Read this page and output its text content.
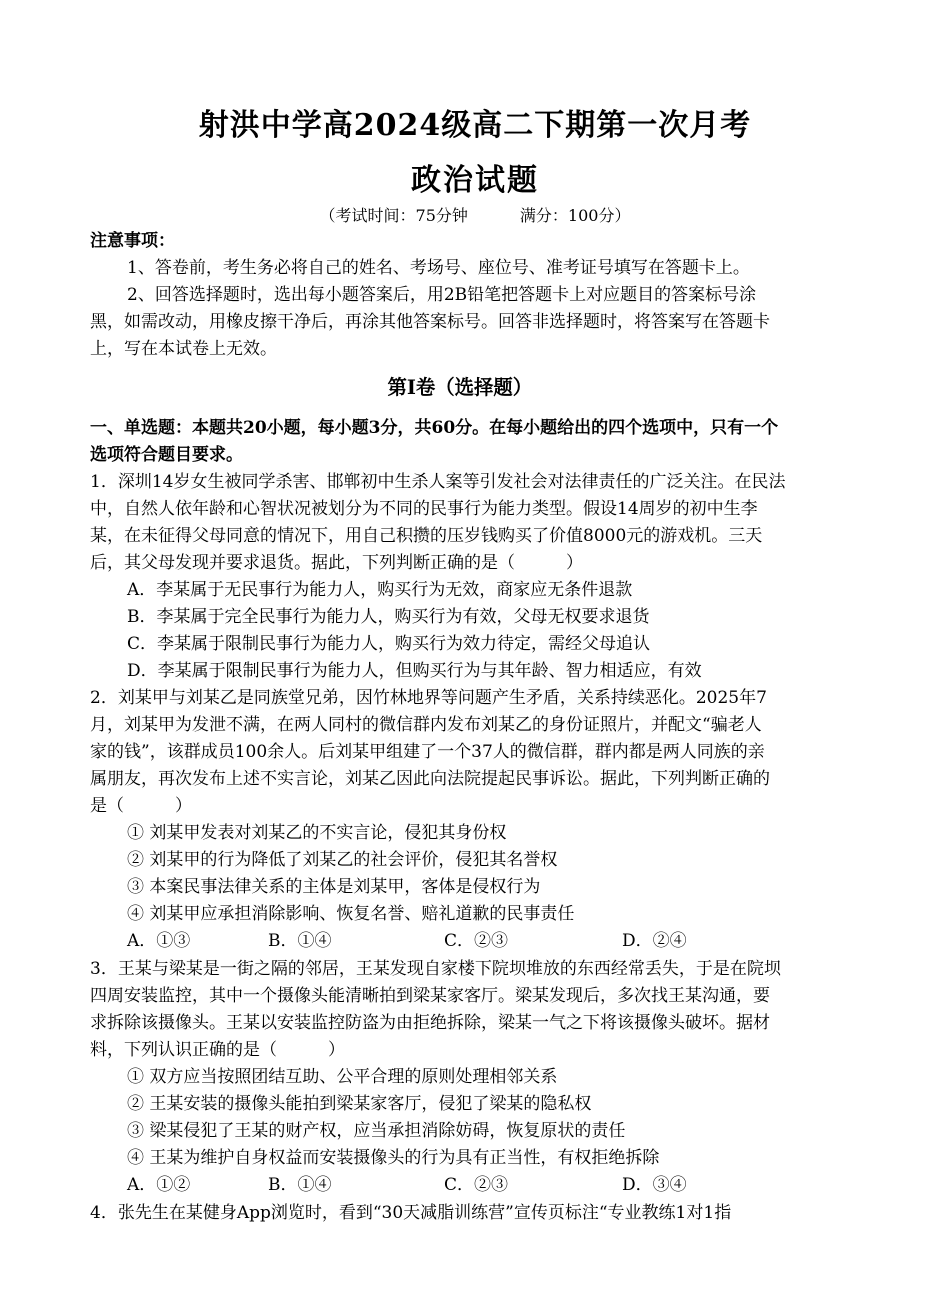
射洪中学高2024级高二下期第一次月考
政治试题
（考试时间：75分钟	满分：100分）
注意事项：
1、答卷前，考生务必将自己的姓名、考场号、座位号、准考证号填写在答题卡上。
2、回答选择题时，选出每小题答案后，用2B铅笔把答题卡上对应题目的答案标号涂
黑，如需改动，用橡皮擦干净后，再涂其他答案标号。回答非选择题时，将答案写在答题卡
上，写在本试卷上无效。
第I卷（选择题）
一、单选题：本题共20小题，每小题3分，共60分。在每小题给出的四个选项中，只有一个
选项符合题目要求。
1．深圳14岁女生被同学杀害、邯郸初中生杀人案等引发社会对法律责任的广泛关注。在民法
中，自然人依年龄和心智状况被划分为不同的民事行为能力类型。假设14周岁的初中生李
某，在未征得父母同意的情况下，用自己积攒的压岁钱购买了价值8000元的游戏机。三天
后，其父母发现并要求退货。据此，下列判断正确的是（　　　）
A．李某属于无民事行为能力人，购买行为无效，商家应无条件退款
B．李某属于完全民事行为能力人，购买行为有效，父母无权要求退货
C．李某属于限制民事行为能力人，购买行为效力待定，需经父母追认
D．李某属于限制民事行为能力人，但购买行为与其年龄、智力相适应，有效
2．刘某甲与刘某乙是同族堂兄弟，因竹林地界等问题产生矛盾，关系持续恶化。2025年7
月，刘某甲为发泄不满，在两人同村的微信群内发布刘某乙的身份证照片，并配文“骗老人
家的钱”，该群成员100余人。后刘某甲组建了一个37人的微信群，群内都是两人同族的亲
属朋友，再次发布上述不实言论，刘某乙因此向法院提起民事诉讼。据此，下列判断正确的
是（　　　）
① 刘某甲发表对刘某乙的不实言论，侵犯其身份权
② 刘某甲的行为降低了刘某乙的社会评价，侵犯其名誉权
③ 本案民事法律关系的主体是刘某甲，客体是侵权行为
④ 刘某甲应承担消除影响、恢复名誉、赔礼道歉的民事责任
A．①③	B．①④	C．②③	D．②④
3．王某与梁某是一街之隔的邻居，王某发现自家楼下院坝堆放的东西经常丢失，于是在院坝
四周安装监控，其中一个摄像头能清晰拍到梁某家客厅。梁某发现后，多次找王某沟通，要
求拆除该摄像头。王某以安装监控防盗为由拒绝拆除，梁某一气之下将该摄像头破坏。据材
料，下列认识正确的是（　　　）
① 双方应当按照团结互助、公平合理的原则处理相邻关系
② 王某安装的摄像头能拍到梁某家客厅，侵犯了梁某的隐私权
③ 梁某侵犯了王某的财产权，应当承担消除妨碍，恢复原状的责任
④ 王某为维护自身权益而安装摄像头的行为具有正当性，有权拒绝拆除
A．①②	B．①④	C．②③	D．③④
4．张先生在某健身App浏览时，看到“30天减脂训练营”宣传页标注“专业教练1对1指
